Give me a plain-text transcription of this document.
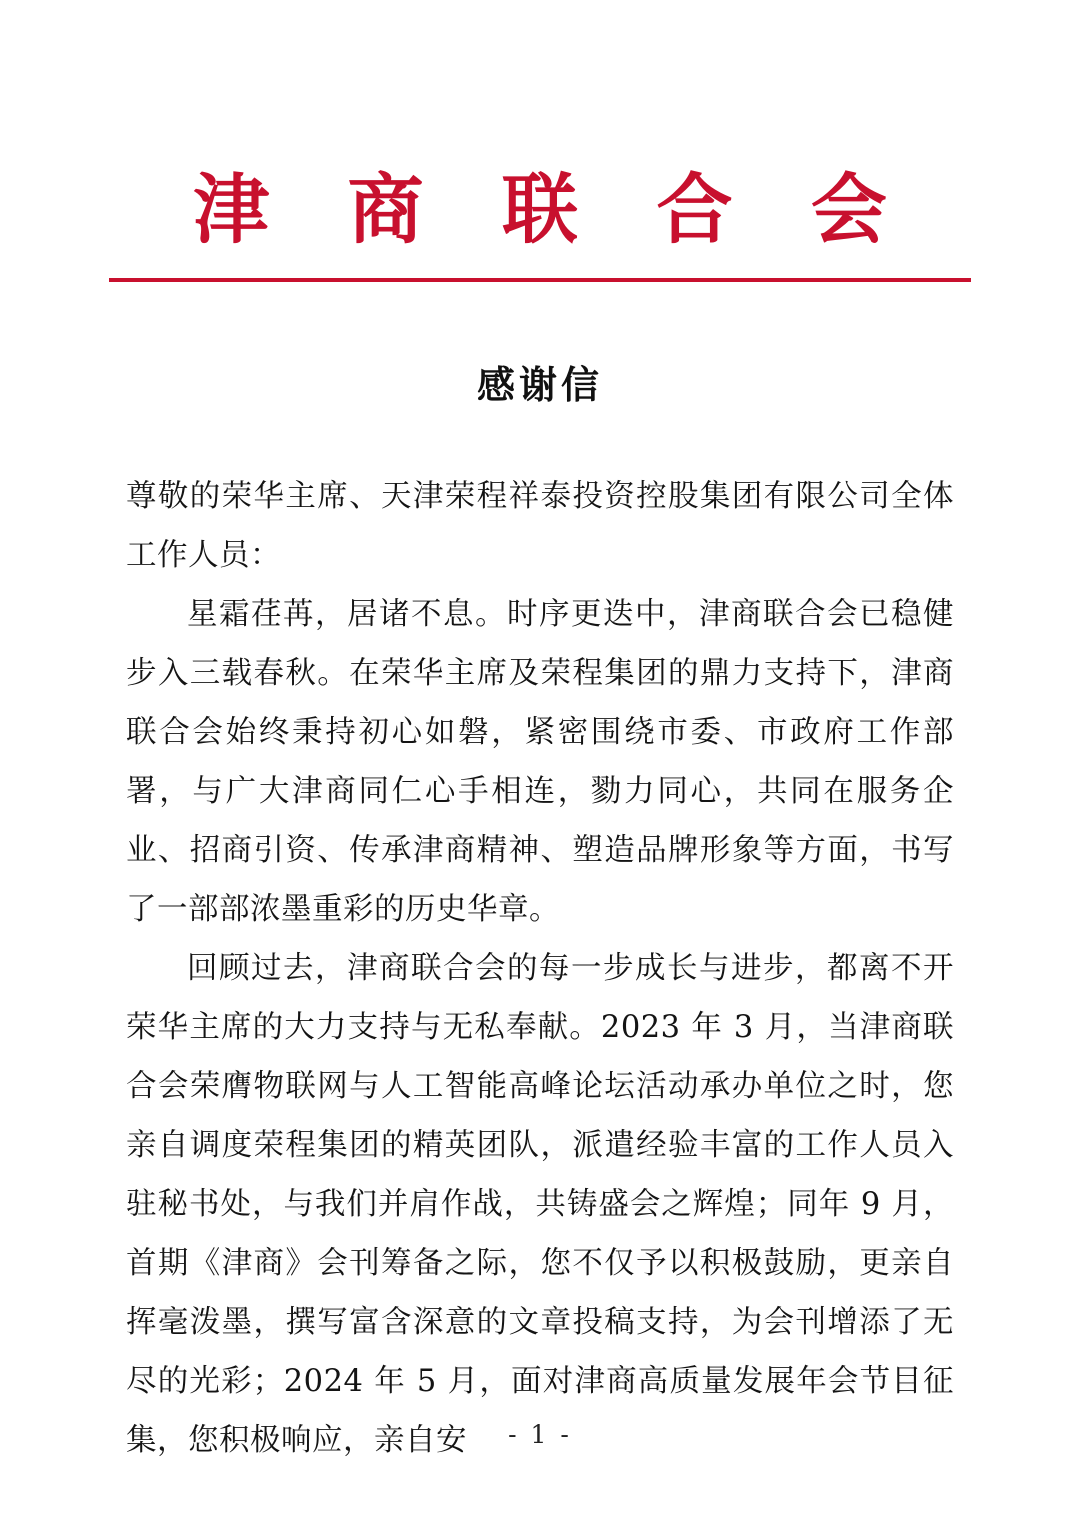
津 商 联 合 会
感谢信

尊敬的荣华主席、天津荣程祥泰投资控股集团有限公司全体工作人员：

星霜荏苒，居诸不息。时序更迭中，津商联合会已稳健步入三载春秋。在荣华主席及荣程集团的鼎力支持下，津商联合会始终秉持初心如磐，紧密围绕市委、市政府工作部署，与广大津商同仁心手相连，勠力同心，共同在服务企业、招商引资、传承津商精神、塑造品牌形象等方面，书写了一部部浓墨重彩的历史华章。

回顾过去，津商联合会的每一步成长与进步，都离不开荣华主席的大力支持与无私奉献。2023 年 3 月，当津商联合会荣膺物联网与人工智能高峰论坛活动承办单位之时，您亲自调度荣程集团的精英团队，派遣经验丰富的工作人员入驻秘书处，与我们并肩作战，共铸盛会之辉煌；同年 9 月，首期《津商》会刊筹备之际，您不仅予以积极鼓励，更亲自挥毫泼墨，撰写富含深意的文章投稿支持，为会刊增添了无尽的光彩；2024 年 5 月，面对津商高质量发展年会节目征集，您积极响应，亲自安	- 1 -
